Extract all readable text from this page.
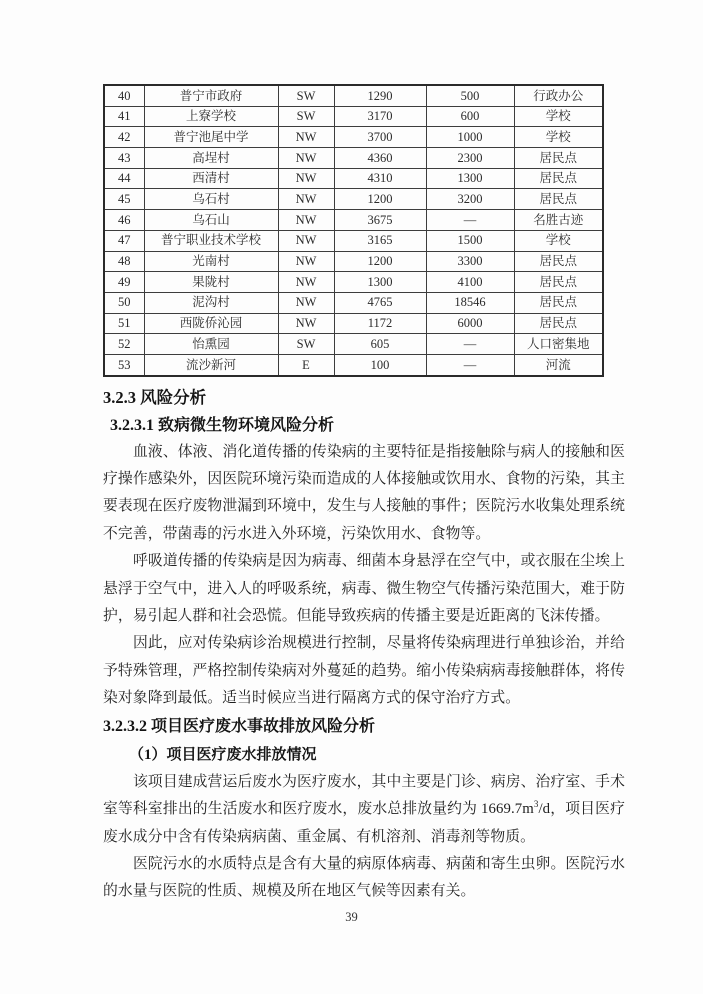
40	普宁市政府	SW	1290	500	行政办公
41	上寮学校	SW	3170	600	学校
42	普宁池尾中学	NW	3700	1000	学校
43	高埕村	NW	4360	2300	居民点
44	西清村	NW	4310	1300	居民点
45	乌石村	NW	1200	3200	居民点
46	乌石山	NW	3675	—	名胜古迹
47	普宁职业技术学校	NW	3165	1500	学校
48	光南村	NW	1200	3300	居民点
49	果陇村	NW	1300	4100	居民点
50	泥沟村	NW	4765	18546	居民点
51	西陇侨沁园	NW	1172	6000	居民点
52	怡熏园	SW	605	—	人口密集地
53	流沙新河	E	100	—	河流
3.2.3 风险分析
3.2.3.1 致病微生物环境风险分析

血液、体液、消化道传播的传染病的主要特征是指接触除与病人的接触和医疗操作感染外，因医院环境污染而造成的人体接触或饮用水、食物的污染，其主要表现在医疗废物泄漏到环境中，发生与人接触的事件；医院污水收集处理系统不完善，带菌毒的污水进入外环境，污染饮用水、食物等。

呼吸道传播的传染病是因为病毒、细菌本身悬浮在空气中，或衣服在尘埃上悬浮于空气中，进入人的呼吸系统，病毒、微生物空气传播污染范围大，难于防护，易引起人群和社会恐慌。但能导致疾病的传播主要是近距离的飞沫传播。

因此，应对传染病诊治规模进行控制，尽量将传染病理进行单独诊治，并给予特殊管理，严格控制传染病对外蔓延的趋势。缩小传染病病毒接触群体，将传染对象降到最低。适当时候应当进行隔离方式的保守治疗方式。

3.2.3.2 项目医疗废水事故排放风险分析
（1）项目医疗废水排放情况

该项目建成营运后废水为医疗废水，其中主要是门诊、病房、治疗室、手术室等科室排出的生活废水和医疗废水，废水总排放量约为 $1669.7m^3/d$，项目医疗废水成分中含有传染病病菌、重金属、有机溶剂、消毒剂等物质。

医院污水的水质特点是含有大量的病原体病毒、病菌和寄生虫卵。医院污水的水量与医院的性质、规模及所在地区气候等因素有关。

39
